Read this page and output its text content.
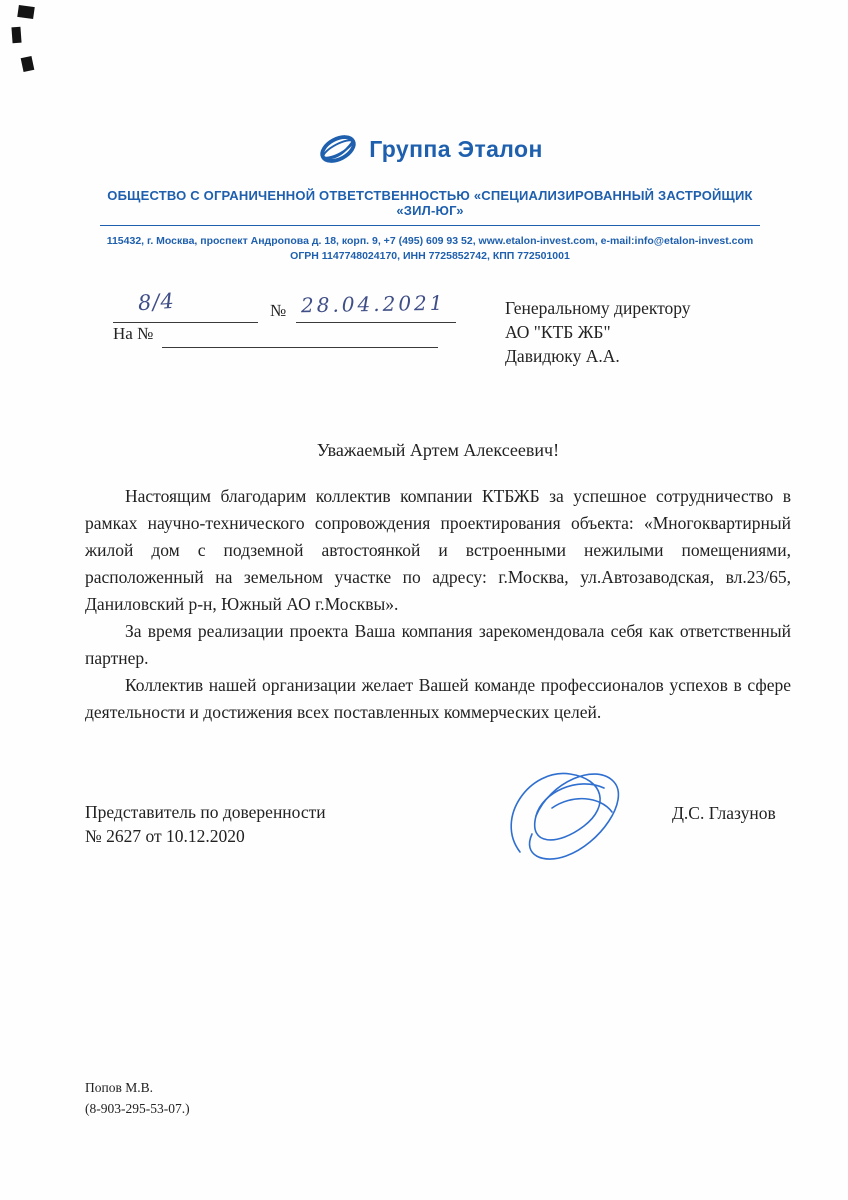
Группа Эталон
ОБЩЕСТВО С ОГРАНИЧЕННОЙ ОТВЕТСТВЕННОСТЬЮ «СПЕЦИАЛИЗИРОВАННЫЙ ЗАСТРОЙЩИК «ЗИЛ-ЮГ»
115432, г. Москва, проспект Андропова д. 18, корп. 9, +7 (495) 609 93 52, www.etalon-invest.com, e-mail:info@etalon-invest.com
ОГРН 1147748024170, ИНН 7725852742, КПП 772501001
8/4	№ 28.04.2021
На №
Генеральному директору
АО "КТБ ЖБ"
Давидюку А.А.
Уважаемый Артем Алексеевич!

Настоящим благодарим коллектив компании КТБЖБ за успешное сотрудничество в рамках научно-технического сопровождения проектирования объекта: «Многоквартирный жилой дом с подземной автостоянкой и встроенными нежилыми помещениями, расположенный на земельном участке по адресу: г.Москва, ул.Автозаводская, вл.23/65, Даниловский р-н, Южный АО г.Москвы».

За время реализации проекта Ваша компания зарекомендовала себя как ответственный партнер.

Коллектив нашей организации желает Вашей команде профессионалов успехов в сфере деятельности и достижения всех поставленных коммерческих целей.

Представитель по доверенности
№ 2627 от 10.12.2020
Д.С. Глазунов
Попов М.В.
(8-903-295-53-07.)
